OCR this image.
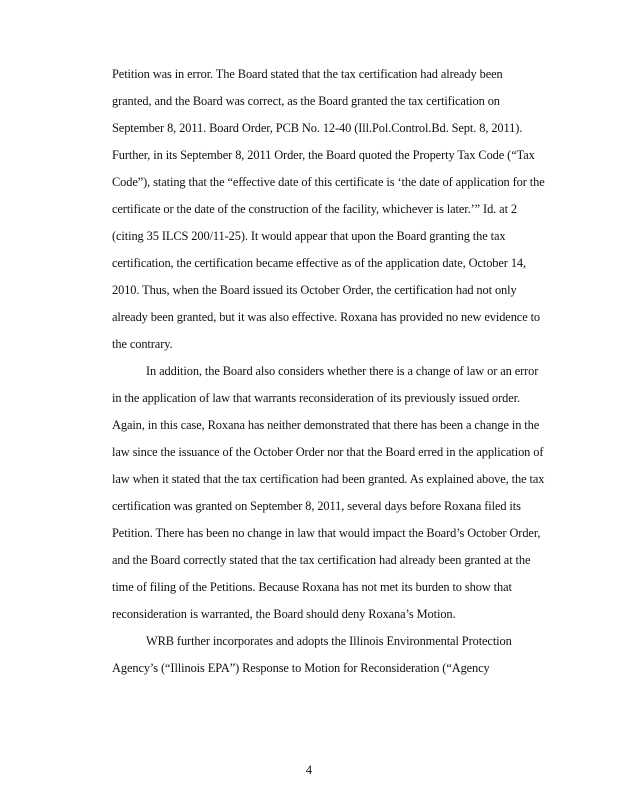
Petition was in error. The Board stated that the tax certification had already been
granted, and the Board was correct, as the Board granted the tax certification on
September 8, 2011. Board Order, PCB No. 12-40 (Ill.Pol.Control.Bd. Sept. 8, 2011).
Further, in its September 8, 2011 Order, the Board quoted the Property Tax Code (“Tax
Code”), stating that the “effective date of this certificate is ‘the date of application for the
certificate or the date of the construction of the facility, whichever is later.’” Id. at 2
(citing 35 ILCS 200/11-25). It would appear that upon the Board granting the tax
certification, the certification became effective as of the application date, October 14,
2010. Thus, when the Board issued its October Order, the certification had not only
already been granted, but it was also effective. Roxana has provided no new evidence to
the contrary.
In addition, the Board also considers whether there is a change of law or an error
in the application of law that warrants reconsideration of its previously issued order.
Again, in this case, Roxana has neither demonstrated that there has been a change in the
law since the issuance of the October Order nor that the Board erred in the application of
law when it stated that the tax certification had been granted. As explained above, the tax
certification was granted on September 8, 2011, several days before Roxana filed its
Petition. There has been no change in law that would impact the Board’s October Order,
and the Board correctly stated that the tax certification had already been granted at the
time of filing of the Petitions. Because Roxana has not met its burden to show that
reconsideration is warranted, the Board should deny Roxana’s Motion.
WRB further incorporates and adopts the Illinois Environmental Protection
Agency’s (“Illinois EPA”) Response to Motion for Reconsideration (“Agency
4
